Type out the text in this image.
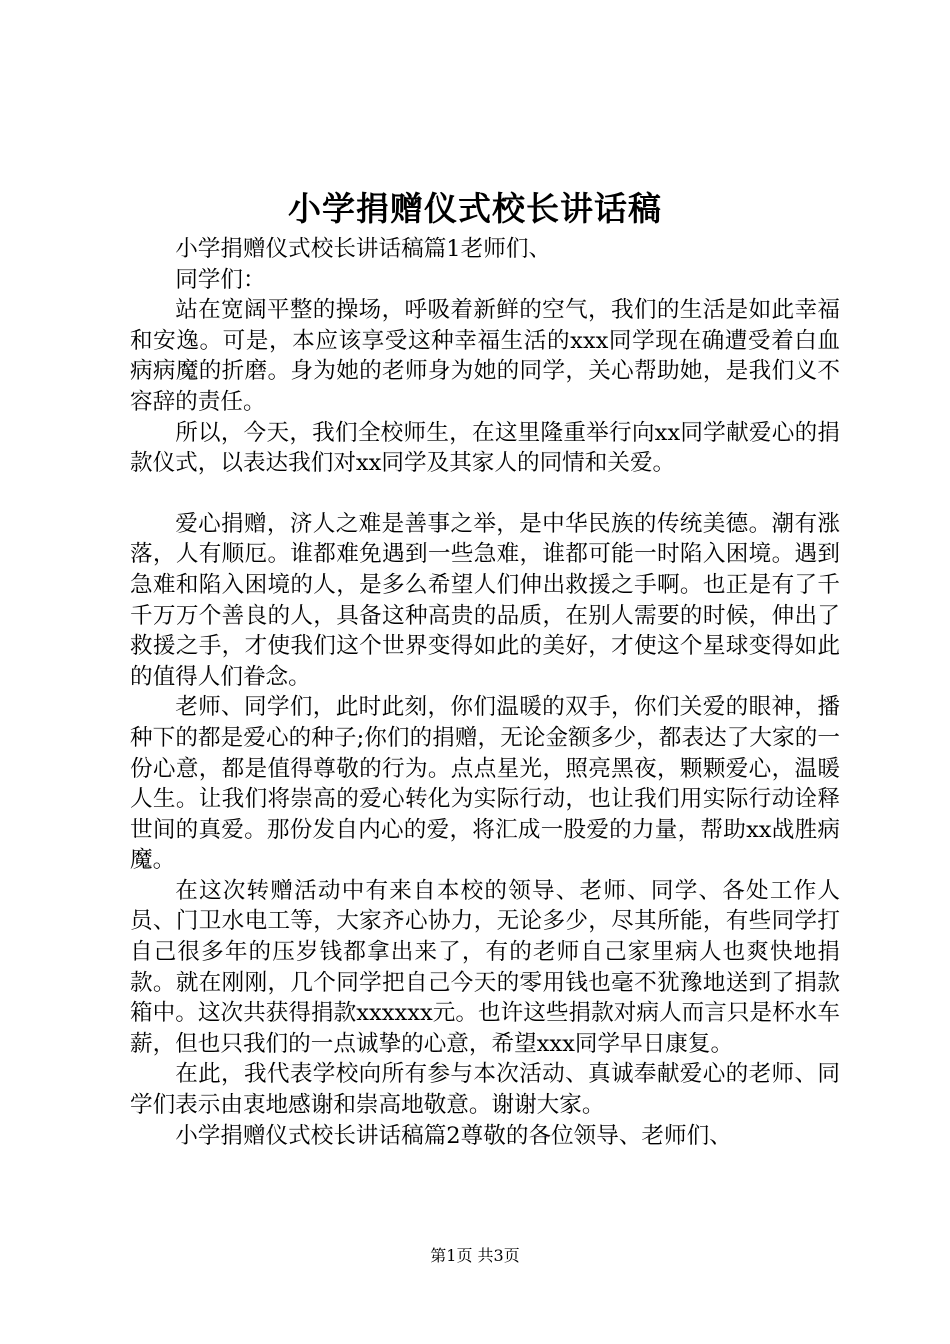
小学捐赠仪式校长讲话稿

小学捐赠仪式校长讲话稿篇1老师们、

同学们：

站在宽阔平整的操场，呼吸着新鲜的空气，我们的生活是如此幸福和安逸。可是，本应该享受这种幸福生活的xxx同学现在确遭受着白血病病魔的折磨。身为她的老师身为她的同学，关心帮助她，是我们义不容辞的责任。

所以，今天，我们全校师生，在这里隆重举行向xx同学献爱心的捐款仪式，以表达我们对xx同学及其家人的同情和关爱。

爱心捐赠，济人之难是善事之举，是中华民族的传统美德。潮有涨落，人有顺厄。谁都难免遇到一些急难，谁都可能一时陷入困境。遇到急难和陷入困境的人，是多么希望人们伸出救援之手啊。也正是有了千千万万个善良的人，具备这种高贵的品质，在别人需要的时候，伸出了救援之手，才使我们这个世界变得如此的美好，才使这个星球变得如此的值得人们眷念。

老师、同学们，此时此刻，你们温暖的双手，你们关爱的眼神，播种下的都是爱心的种子;你们的捐赠，无论金额多少，都表达了大家的一份心意，都是值得尊敬的行为。点点星光，照亮黑夜，颗颗爱心，温暖人生。让我们将崇高的爱心转化为实际行动，也让我们用实际行动诠释世间的真爱。那份发自内心的爱，将汇成一股爱的力量，帮助xx战胜病魔。

在这次转赠活动中有来自本校的领导、老师、同学、各处工作人员、门卫水电工等，大家齐心协力，无论多少，尽其所能，有些同学打自己很多年的压岁钱都拿出来了，有的老师自己家里病人也爽快地捐款。就在刚刚，几个同学把自己今天的零用钱也毫不犹豫地送到了捐款箱中。这次共获得捐款xxxxxx元。也许这些捐款对病人而言只是杯水车薪，但也只我们的一点诚挚的心意，希望xxx同学早日康复。

在此，我代表学校向所有参与本次活动、真诚奉献爱心的老师、同学们表示由衷地感谢和崇高地敬意。谢谢大家。

小学捐赠仪式校长讲话稿篇2尊敬的各位领导、老师们、

第1页 共3页
